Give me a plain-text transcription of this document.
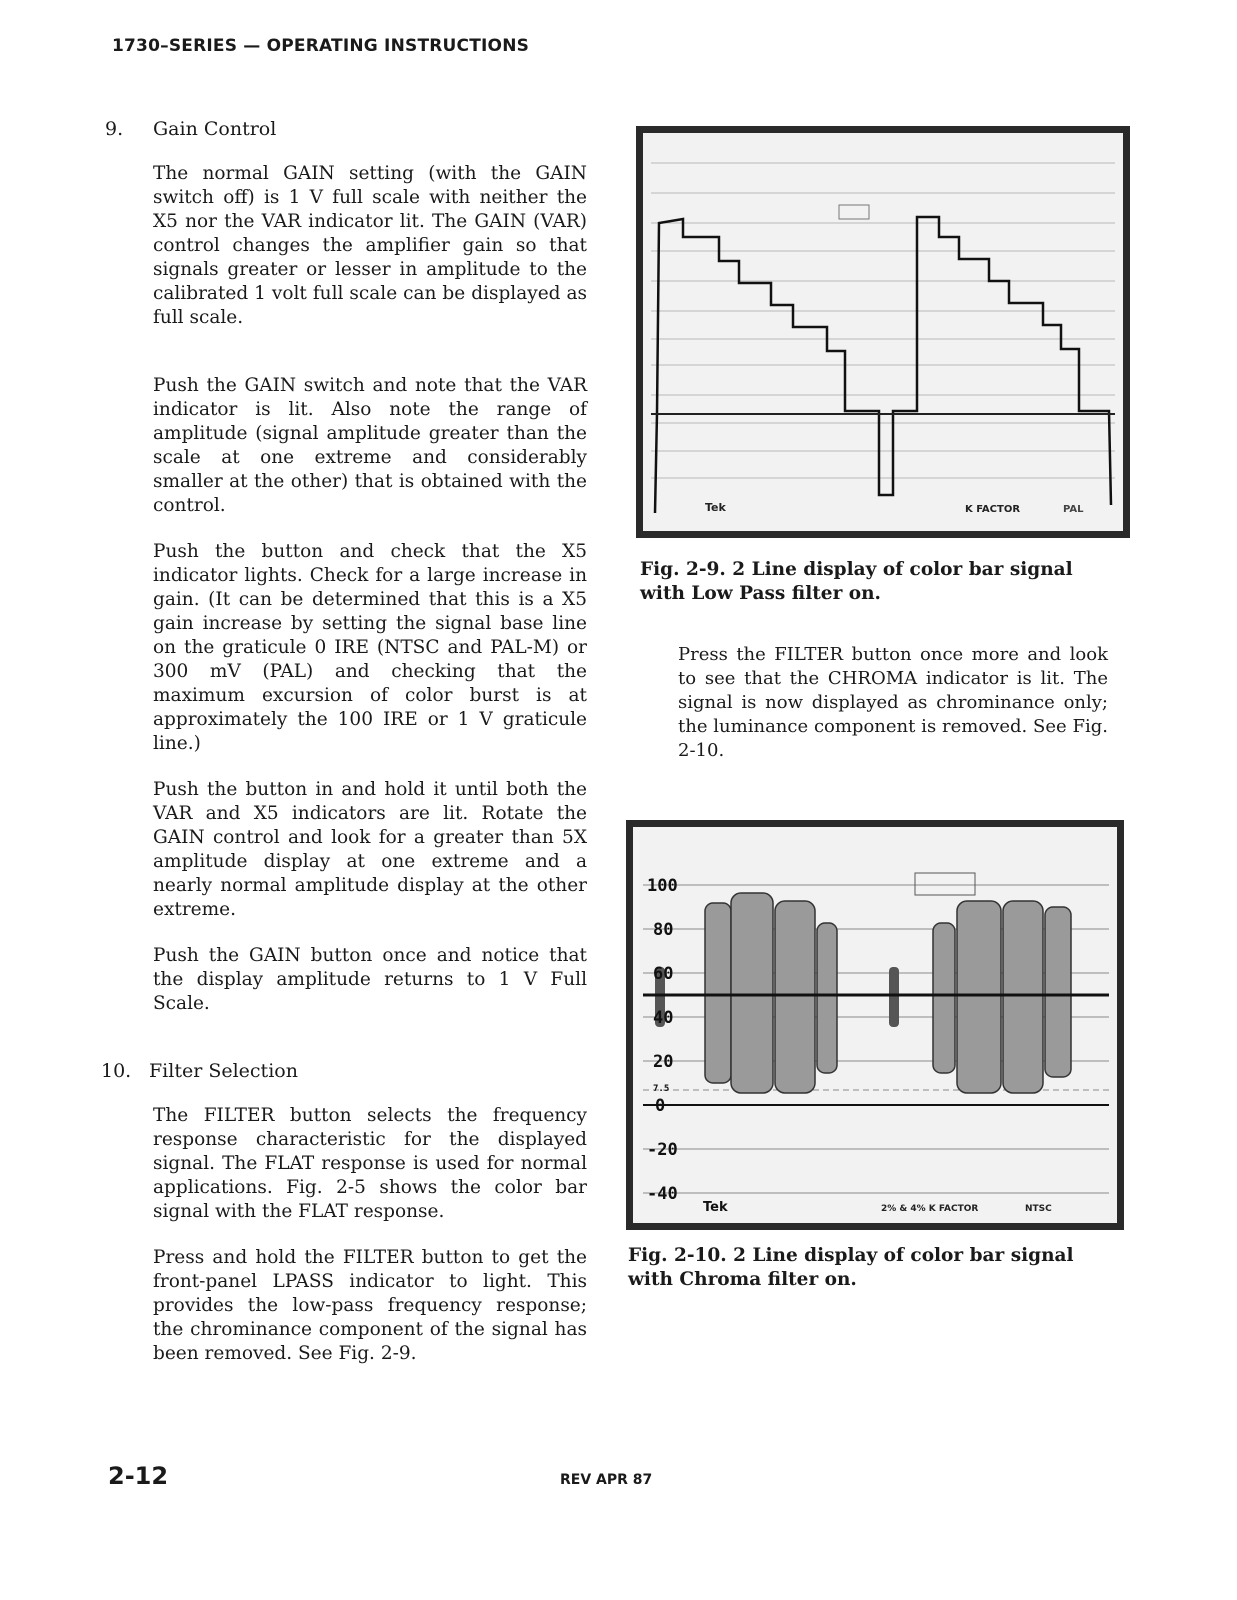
1730–SERIES — OPERATING INSTRUCTIONS
9. Gain Control

The normal GAIN setting (with the GAIN switch off) is 1 V full scale with neither the X5 nor the VAR indicator lit. The GAIN (VAR) control changes the amplifier gain so that signals greater or lesser in amplitude to the calibrated 1 volt full scale can be displayed as full scale.

Push the GAIN switch and note that the VAR indicator is lit. Also note the range of amplitude (signal amplitude greater than the scale at one extreme and considerably smaller at the other) that is obtained with the control.

Push the button and check that the X5 indicator lights. Check for a large increase in gain. (It can be determined that this is a X5 gain increase by setting the signal base line on the graticule 0 IRE (NTSC and PAL-M) or 300 mV (PAL) and checking that the maximum excursion of color burst is at approximately the 100 IRE or 1 V graticule line.)

Push the button in and hold it until both the VAR and X5 indicators are lit. Rotate the GAIN control and look for a greater than 5X amplitude display at one extreme and a nearly normal amplitude display at the other extreme.

Push the GAIN button once and notice that the display amplitude returns to 1 V Full Scale.

10. Filter Selection

The FILTER button selects the frequency response characteristic for the displayed signal. The FLAT response is used for normal applications. Fig. 2-5 shows the color bar signal with the FLAT response.

Press and hold the FILTER button to get the front-panel LPASS indicator to light. This provides the low-pass frequency response; the chrominance component of the signal has been removed. See Fig. 2-9.

Tek	K FACTOR	PAL
Fig. 2-9. 2 Line display of color bar signal with Low Pass filter on.

Press the FILTER button once more and look to see that the CHROMA indicator is lit. The signal is now displayed as chrominance only; the luminance component is removed. See Fig. 2-10.

100
80
60
40
20
7.5
0
-20
-40
Tek	2% & 4% K FACTOR	NTSC
Fig. 2-10. 2 Line display of color bar signal with Chroma filter on.
2-12	REV APR 87
